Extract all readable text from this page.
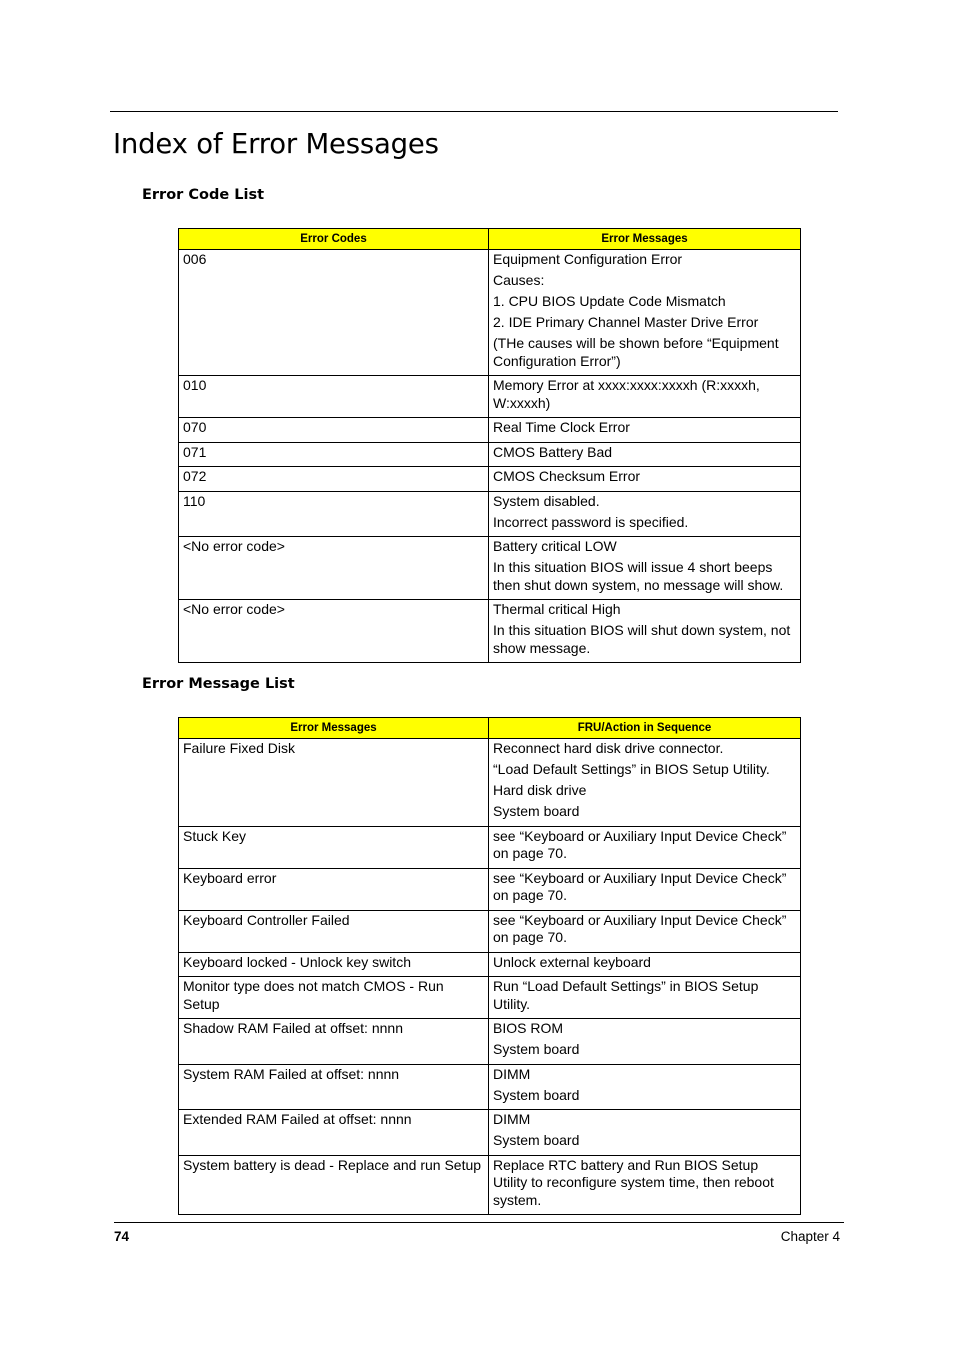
Index of Error Messages
Error Code List
Error Codes	Error Messages
006	Equipment Configuration Error
Causes:
1. CPU BIOS Update Code Mismatch
2. IDE Primary Channel Master Drive Error
(THe causes will be shown before “Equipment Configuration Error”)

010	Memory Error at xxxx:xxxx:xxxxh (R:xxxxh, W:xxxxh)

070	Real Time Clock Error

071	CMOS Battery Bad

072	CMOS Checksum Error

110	System disabled.
Incorrect password is specified.

<No error code>	Battery critical LOW
In this situation BIOS will issue 4 short beeps then shut down system, no message will show.

<No error code>	Thermal critical High
In this situation BIOS will shut down system, not show message.
Error Message List
Error Messages	FRU/Action in Sequence
Failure Fixed Disk	Reconnect hard disk drive connector.
“Load Default Settings” in BIOS Setup Utility.
Hard disk drive
System board

Stuck Key	see “Keyboard or Auxiliary Input Device Check” on page 70.

Keyboard error	see “Keyboard or Auxiliary Input Device Check” on page 70.

Keyboard Controller Failed	see “Keyboard or Auxiliary Input Device Check” on page 70.

Keyboard locked - Unlock key switch	Unlock external keyboard

Monitor type does not match CMOS - Run Setup	Run “Load Default Settings” in BIOS Setup Utility.

Shadow RAM Failed at offset: nnnn	BIOS ROM
System board

System RAM Failed at offset: nnnn	DIMM
System board

Extended RAM Failed at offset: nnnn	DIMM
System board

System battery is dead - Replace and run Setup	Replace RTC battery and Run BIOS Setup Utility to reconfigure system time, then reboot system.
74	Chapter 4
